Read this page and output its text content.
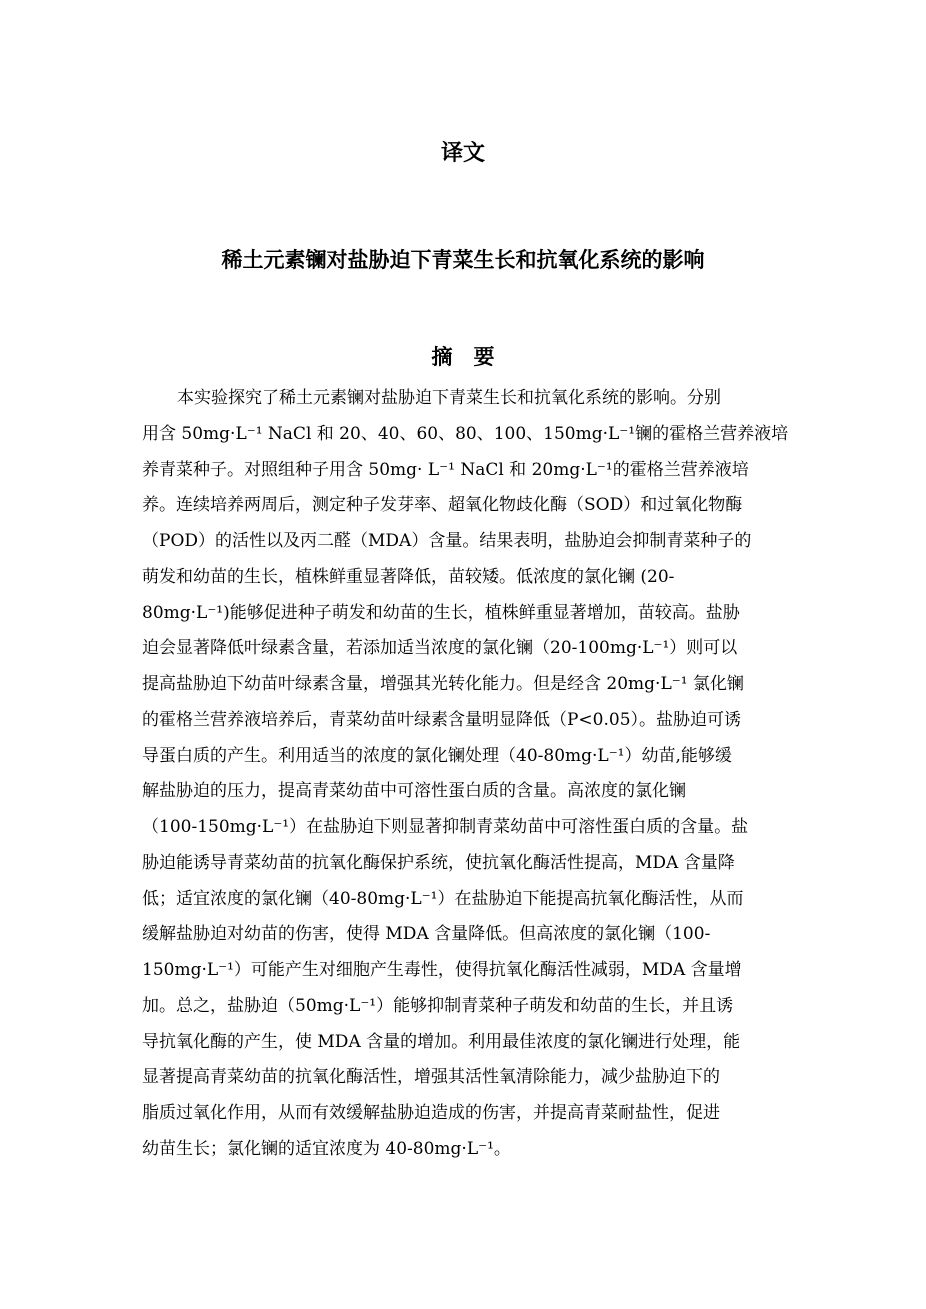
译文
稀土元素镧对盐胁迫下青菜生长和抗氧化系统的影响
摘　要
本实验探究了稀土元素镧对盐胁迫下青菜生长和抗氧化系统的影响。分别
用含 50mg·L⁻¹ NaCl 和 20、40、60、80、100、150mg·L⁻¹镧的霍格兰营养液培
养青菜种子。对照组种子用含 50mg· L⁻¹ NaCl 和 20mg·L⁻¹的霍格兰营养液培
养。连续培养两周后，测定种子发芽率、超氧化物歧化酶（SOD）和过氧化物酶
（POD）的活性以及丙二醛（MDA）含量。结果表明，盐胁迫会抑制青菜种子的
萌发和幼苗的生长，植株鲜重显著降低，苗较矮。低浓度的氯化镧 (20-
80mg·L⁻¹)能够促进种子萌发和幼苗的生长，植株鲜重显著增加，苗较高。盐胁
迫会显著降低叶绿素含量，若添加适当浓度的氯化镧（20-100mg·L⁻¹）则可以
提高盐胁迫下幼苗叶绿素含量，增强其光转化能力。但是经含 20mg·L⁻¹ 氯化镧
的霍格兰营养液培养后，青菜幼苗叶绿素含量明显降低（P<0.05）。盐胁迫可诱
导蛋白质的产生。利用适当的浓度的氯化镧处理（40-80mg·L⁻¹）幼苗,能够缓
解盐胁迫的压力，提高青菜幼苗中可溶性蛋白质的含量。高浓度的氯化镧
（100-150mg·L⁻¹）在盐胁迫下则显著抑制青菜幼苗中可溶性蛋白质的含量。盐
胁迫能诱导青菜幼苗的抗氧化酶保护系统，使抗氧化酶活性提高，MDA 含量降
低；适宜浓度的氯化镧（40-80mg·L⁻¹）在盐胁迫下能提高抗氧化酶活性，从而
缓解盐胁迫对幼苗的伤害，使得 MDA 含量降低。但高浓度的氯化镧（100-
150mg·L⁻¹）可能产生对细胞产生毒性，使得抗氧化酶活性减弱，MDA 含量增
加。总之，盐胁迫（50mg·L⁻¹）能够抑制青菜种子萌发和幼苗的生长，并且诱
导抗氧化酶的产生，使 MDA 含量的增加。利用最佳浓度的氯化镧进行处理，能
显著提高青菜幼苗的抗氧化酶活性，增强其活性氧清除能力，减少盐胁迫下的
脂质过氧化作用，从而有效缓解盐胁迫造成的伤害，并提高青菜耐盐性，促进
幼苗生长；氯化镧的适宜浓度为 40-80mg·L⁻¹。
